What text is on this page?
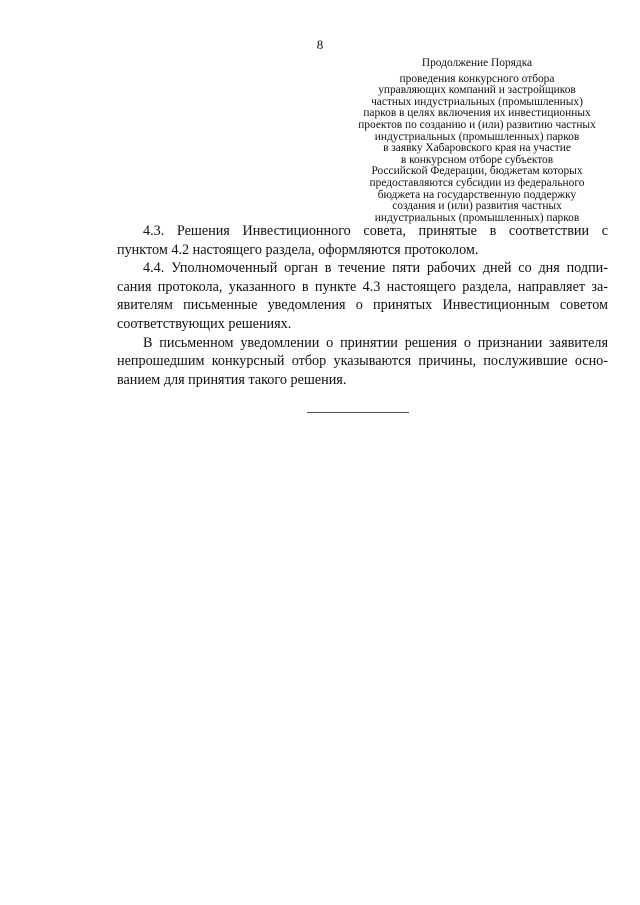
8
Продолжение Порядка
проведения конкурсного отбора
управляющих компаний и застройщиков
частных индустриальных (промышленных)
парков в целях включения их инвестиционных
проектов по созданию и (или) развитию частных
индустриальных (промышленных) парков
в заявку Хабаровского края на участие
в конкурсном отборе субъектов
Российской Федерации, бюджетам которых
предоставляются субсидии из федерального
бюджета на государственную поддержку
создания и (или) развития частных
индустриальных (промышленных) парков

4.3. Решения Инвестиционного совета, принятые в соответствии с
пунктом 4.2 настоящего раздела, оформляются протоколом.

4.4. Уполномоченный орган в течение пяти рабочих дней со дня подпи-
сания протокола, указанного в пункте 4.3 настоящего раздела, направляет за-
явителям письменные уведомления о принятых Инвестиционным советом
соответствующих решениях.

В письменном уведомлении о принятии решения о признании заявителя
непрошедшим конкурсный отбор указываются причины, послужившие осно-
ванием для принятия такого решения.
